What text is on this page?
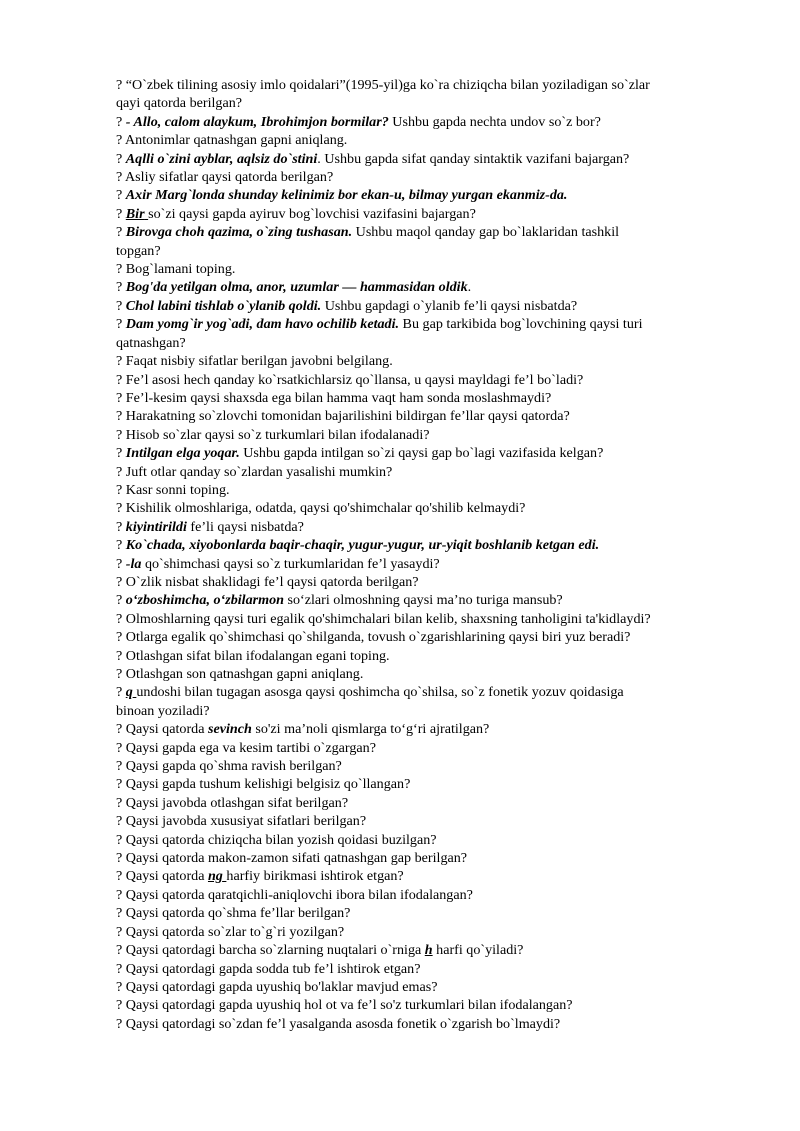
? “O`zbek tilining asosiy imlo qoidalari”(1995-yil)ga ko`ra chiziqcha bilan yoziladigan so`zlar
qayi qatorda berilgan?
? - Allo, calom alaykum, Ibrohimjon bormilar? Ushbu gapda nechta undov so`z bor?
? Antonimlar qatnashgan gapni aniqlang.
? Aqlli o`zini ayblar, aqlsiz do`stini. Ushbu gapda sifat qanday sintaktik vazifani bajargan?
? Asliy sifatlar qaysi qatorda berilgan?
? Axir Marg`londa shunday kelinimiz bor ekan-u, bilmay yurgan ekanmiz-da.
? Bir so`zi qaysi gapda ayiruv bog`lovchisi vazifasini bajargan?
? Birovga choh qazima, o`zing tushasan. Ushbu maqol qanday gap bo`laklaridan tashkil
topgan?
? Bog`lamani toping.
? Bog'da yetilgan olma, anor, uzumlar — hammasidan oldik.
? Chol labini tishlab o`ylanib qoldi. Ushbu gapdagi o`ylanib fe’li qaysi nisbatda?
? Dam yomg`ir yog`adi, dam havo ochilib ketadi. Bu gap tarkibida bog`lovchining qaysi turi
qatnashgan?
? Faqat nisbiy sifatlar berilgan javobni belgilang.
? Fe’l asosi hech qanday ko`rsatkichlarsiz qo`llansa, u qaysi mayldagi fe’l bo`ladi?
? Fe’l-kesim qaysi shaxsda ega bilan hamma vaqt ham sonda moslashmaydi?
? Harakatning so`zlovchi tomonidan bajarilishini bildirgan fe’llar qaysi qatorda?
? Hisob so`zlar qaysi so`z turkumlari bilan ifodalanadi?
? Intilgan elga yoqar. Ushbu gapda intilgan so`zi qaysi gap bo`lagi vazifasida kelgan?
? Juft otlar qanday so`zlardan yasalishi mumkin?
? Kasr sonni toping.
? Kishilik olmoshlariga, odatda, qaysi qo'shimchalar qo'shilib kelmaydi?
? kiyintirildi fe’li qaysi nisbatda?
? Ko`chada, xiyobonlarda baqir-chaqir, yugur-yugur, ur-yiqit boshlanib ketgan edi.
? -la qo`shimchasi qaysi so`z turkumlaridan fe’l yasaydi?
? O`zlik nisbat shaklidagi fe’l qaysi qatorda berilgan?
? o‘zboshimcha, o‘zbilarmon so‘zlari olmoshning qaysi ma’no turiga mansub?
? Olmoshlarning qaysi turi egalik qo'shimchalari bilan kelib, shaxsning tanholigini ta'kidlaydi?
? Otlarga egalik qo`shimchasi qo`shilganda, tovush o`zgarishlarining qaysi biri yuz beradi?
? Otlashgan sifat bilan ifodalangan egani toping.
? Otlashgan son qatnashgan gapni aniqlang.
? q undoshi bilan tugagan asosga qaysi qoshimcha qo`shilsa, so`z fonetik yozuv qoidasiga
binoan yoziladi?
? Qaysi qatorda sevinch so'zi ma’noli qismlarga to‘g‘ri ajratilgan?
? Qaysi gapda ega va kesim tartibi o`zgargan?
? Qaysi gapda qo`shma ravish berilgan?
? Qaysi gapda tushum kelishigi belgisiz qo`llangan?
? Qaysi javobda otlashgan sifat berilgan?
? Qaysi javobda xususiyat sifatlari berilgan?
? Qaysi qatorda chiziqcha bilan yozish qoidasi buzilgan?
? Qaysi qatorda makon-zamon sifati qatnashgan gap berilgan?
? Qaysi qatorda ng harfiy birikmasi ishtirok etgan?
? Qaysi qatorda qaratqichli-aniqlovchi ibora bilan ifodalangan?
? Qaysi qatorda qo`shma fe’llar berilgan?
? Qaysi qatorda so`zlar to`g`ri yozilgan?
? Qaysi qatordagi barcha so`zlarning nuqtalari o`rniga h harfi qo`yiladi?
? Qaysi qatordagi gapda sodda tub fe’l ishtirok etgan?
? Qaysi qatordagi gapda uyushiq bo'laklar mavjud emas?
? Qaysi qatordagi gapda uyushiq hol ot va fe’l so'z turkumlari bilan ifodalangan?
? Qaysi qatordagi so`zdan fe’l yasalganda asosda fonetik o`zgarish bo`lmaydi?
